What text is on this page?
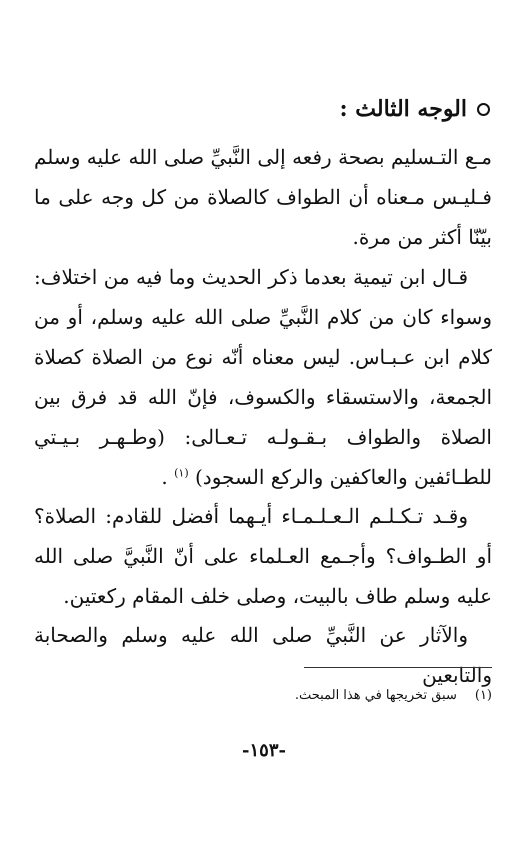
الوجه الثالث :
مـع التـسليم بصحة رفعه إلى النَّبيِّ صلى الله عليه وسلم فـليـس مـعناه أن الطواف كالصلاة من كل وجه على ما بيّنّا أكثر من مرة.
قـال ابن تيمية بعدما ذكر الحديث وما فيه من اختلاف: وسواء كان من كلام النَّبيِّ صلى الله عليه وسلم، أو من كلام ابن عـبـاس. ليس معناه أنّه نوع من الصلاة كصلاة الجمعة، والاستسقاء والكسوف، فإنّ الله قد فرق بين الصلاة والطواف بـقـولـه تـعـالى: (وطـهـر بـيـتي للطـائفين والعاكفين والركع السجود) $^{(١)}$ .
وقـد تـكـلـم الـعـلـمـاء أيـهما أفضل للقادم: الصلاة؟ أو الطـواف؟ وأجـمع العـلماء على أنّ النَّبيَّ صلى الله عليه وسلم طاف بالبيت، وصلى خلف المقام ركعتين.
والآثار عن النَّبيِّ صلى الله عليه وسلم والصحابة والتابعين
(١)
سبق تخريجها في هذا المبحث.
-١٥٣-
